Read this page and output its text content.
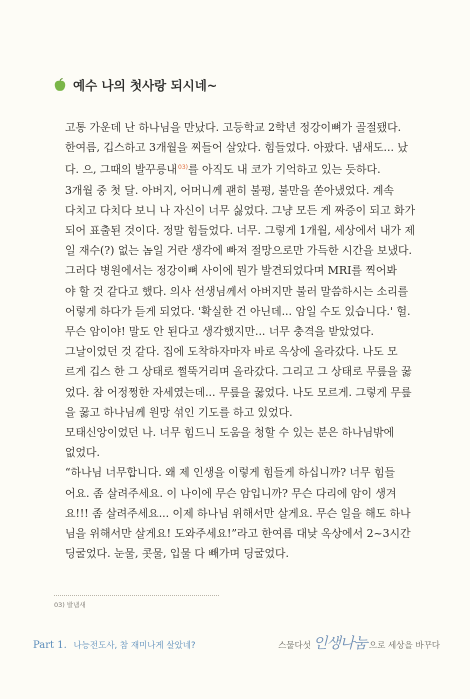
예수 나의 첫사랑 되시네~
고통 가운데 난 하나님을 만났다. 고등학교 2학년 정강이뼈가 골절됐다.
한여름, 깁스하고 3개월을 찌들어 살았다. 힘들었다. 아팠다. 냄새도... 났
다. 으, 그때의 발꾸릉내$^{03)}$를 아직도 내 코가 기억하고 있는 듯하다.
3개월 중 첫 달. 아버지, 어머니께 괜히 불평, 불만을 쏟아냈었다. 계속
다치고 다치다 보니 나 자신이 너무 싫었다. 그냥 모든 게 짜증이 되고 화가
되어 표출된 것이다. 정말 힘들었다. 너무. 그렇게 1개월, 세상에서 내가 제
일 재수(?) 없는 놈일 거란 생각에 빠져 절망으로만 가득한 시간을 보냈다.
그러다 병원에서는 정강이뼈 사이에 뭔가 발견되었다며 MRI를 찍어봐
야 할 것 같다고 했다. 의사 선생님께서 아버지만 불러 말씀하시는 소리를
어렇게 하다가 듣게 되었다. '확실한 건 아닌데... 암일 수도 있습니다.' 헐.
무슨 암이야! 말도 안 된다고 생각했지만... 너무 충격을 받았었다.
그날이었던 것 같다. 집에 도착하자마자 바로 옥상에 올라갔다. 나도 모
르게 깁스 한 그 상태로 쩔뚝거리며 올라갔다. 그리고 그 상태로 무릎을 꿇
었다. 참 어정쩡한 자세였는데... 무릎을 꿇었다. 나도 모르게. 그렇게 무릎
을 꿇고 하나님께 원망 섞인 기도를 하고 있었다.
모태신앙이었던 나. 너무 힘드니 도움을 청할 수 있는 분은 하나님밖에
없었다.
“하나님 너무합니다. 왜 제 인생을 이렇게 힘들게 하십니까? 너무 힘들
어요. 좀 살려주세요. 이 나이에 무슨 암입니까? 무슨 다리에 암이 생겨
요!!! 좀 살려주세요... 이제 하나님 위해서만 살게요. 무슨 일을 해도 하나
님을 위해서만 살게요! 도와주세요!”라고 한여름 대낮 옥상에서 2~3시간
딩굴었다. 눈물, 콧물, 입물 다 빼가며 딩굴었다.
03) 발냄새
Part 1. 나능전도사, 참 재미나게 살았네?	스물다섯 인생나눔 으로 세상을 바꾸다
